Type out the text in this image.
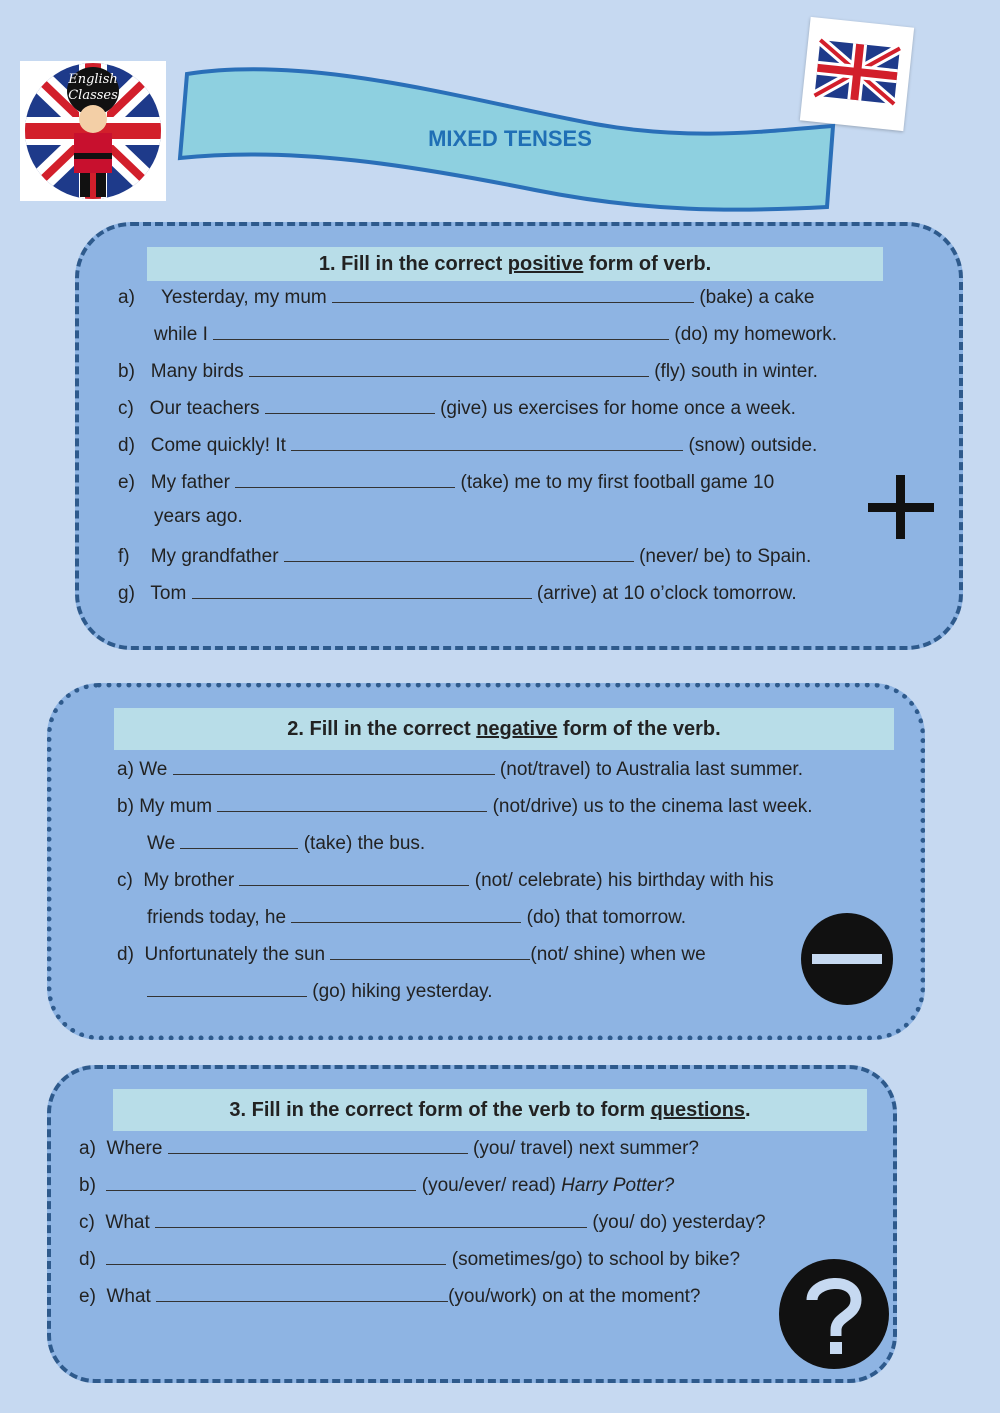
English
Classes
MIXED TENSES
1. Fill in the correct positive form of verb.
a) Yesterday, my mum	(bake) a cake
while I	(do) my homework.
b) Many birds	(fly) south in winter.
c) Our teachers	(give) us exercises for home once a week.
d) Come quickly! It	(snow) outside.
e) My father	(take) me to my first football game 10
years ago.
f) My grandfather	(never/ be) to Spain.
g) Tom	(arrive) at 10 o’clock tomorrow.
2. Fill in the correct negative form of the verb.
a) We	(not/travel) to Australia last summer.
b) My mum	(not/drive) us to the cinema last week.
We	(take) the bus.
c) My brother	(not/ celebrate) his birthday with his
friends today, he	(do) that tomorrow.
d) Unfortunately the sun	(not/ shine) when we
(go) hiking yesterday.
3. Fill in the correct form of the verb to form questions.
a) Where	(you/ travel) next summer?
b)	(you/ever/ read) Harry Potter?
c) What	(you/ do) yesterday?
d)	(sometimes/go) to school by bike?
e) What	(you/work) on at the moment?
